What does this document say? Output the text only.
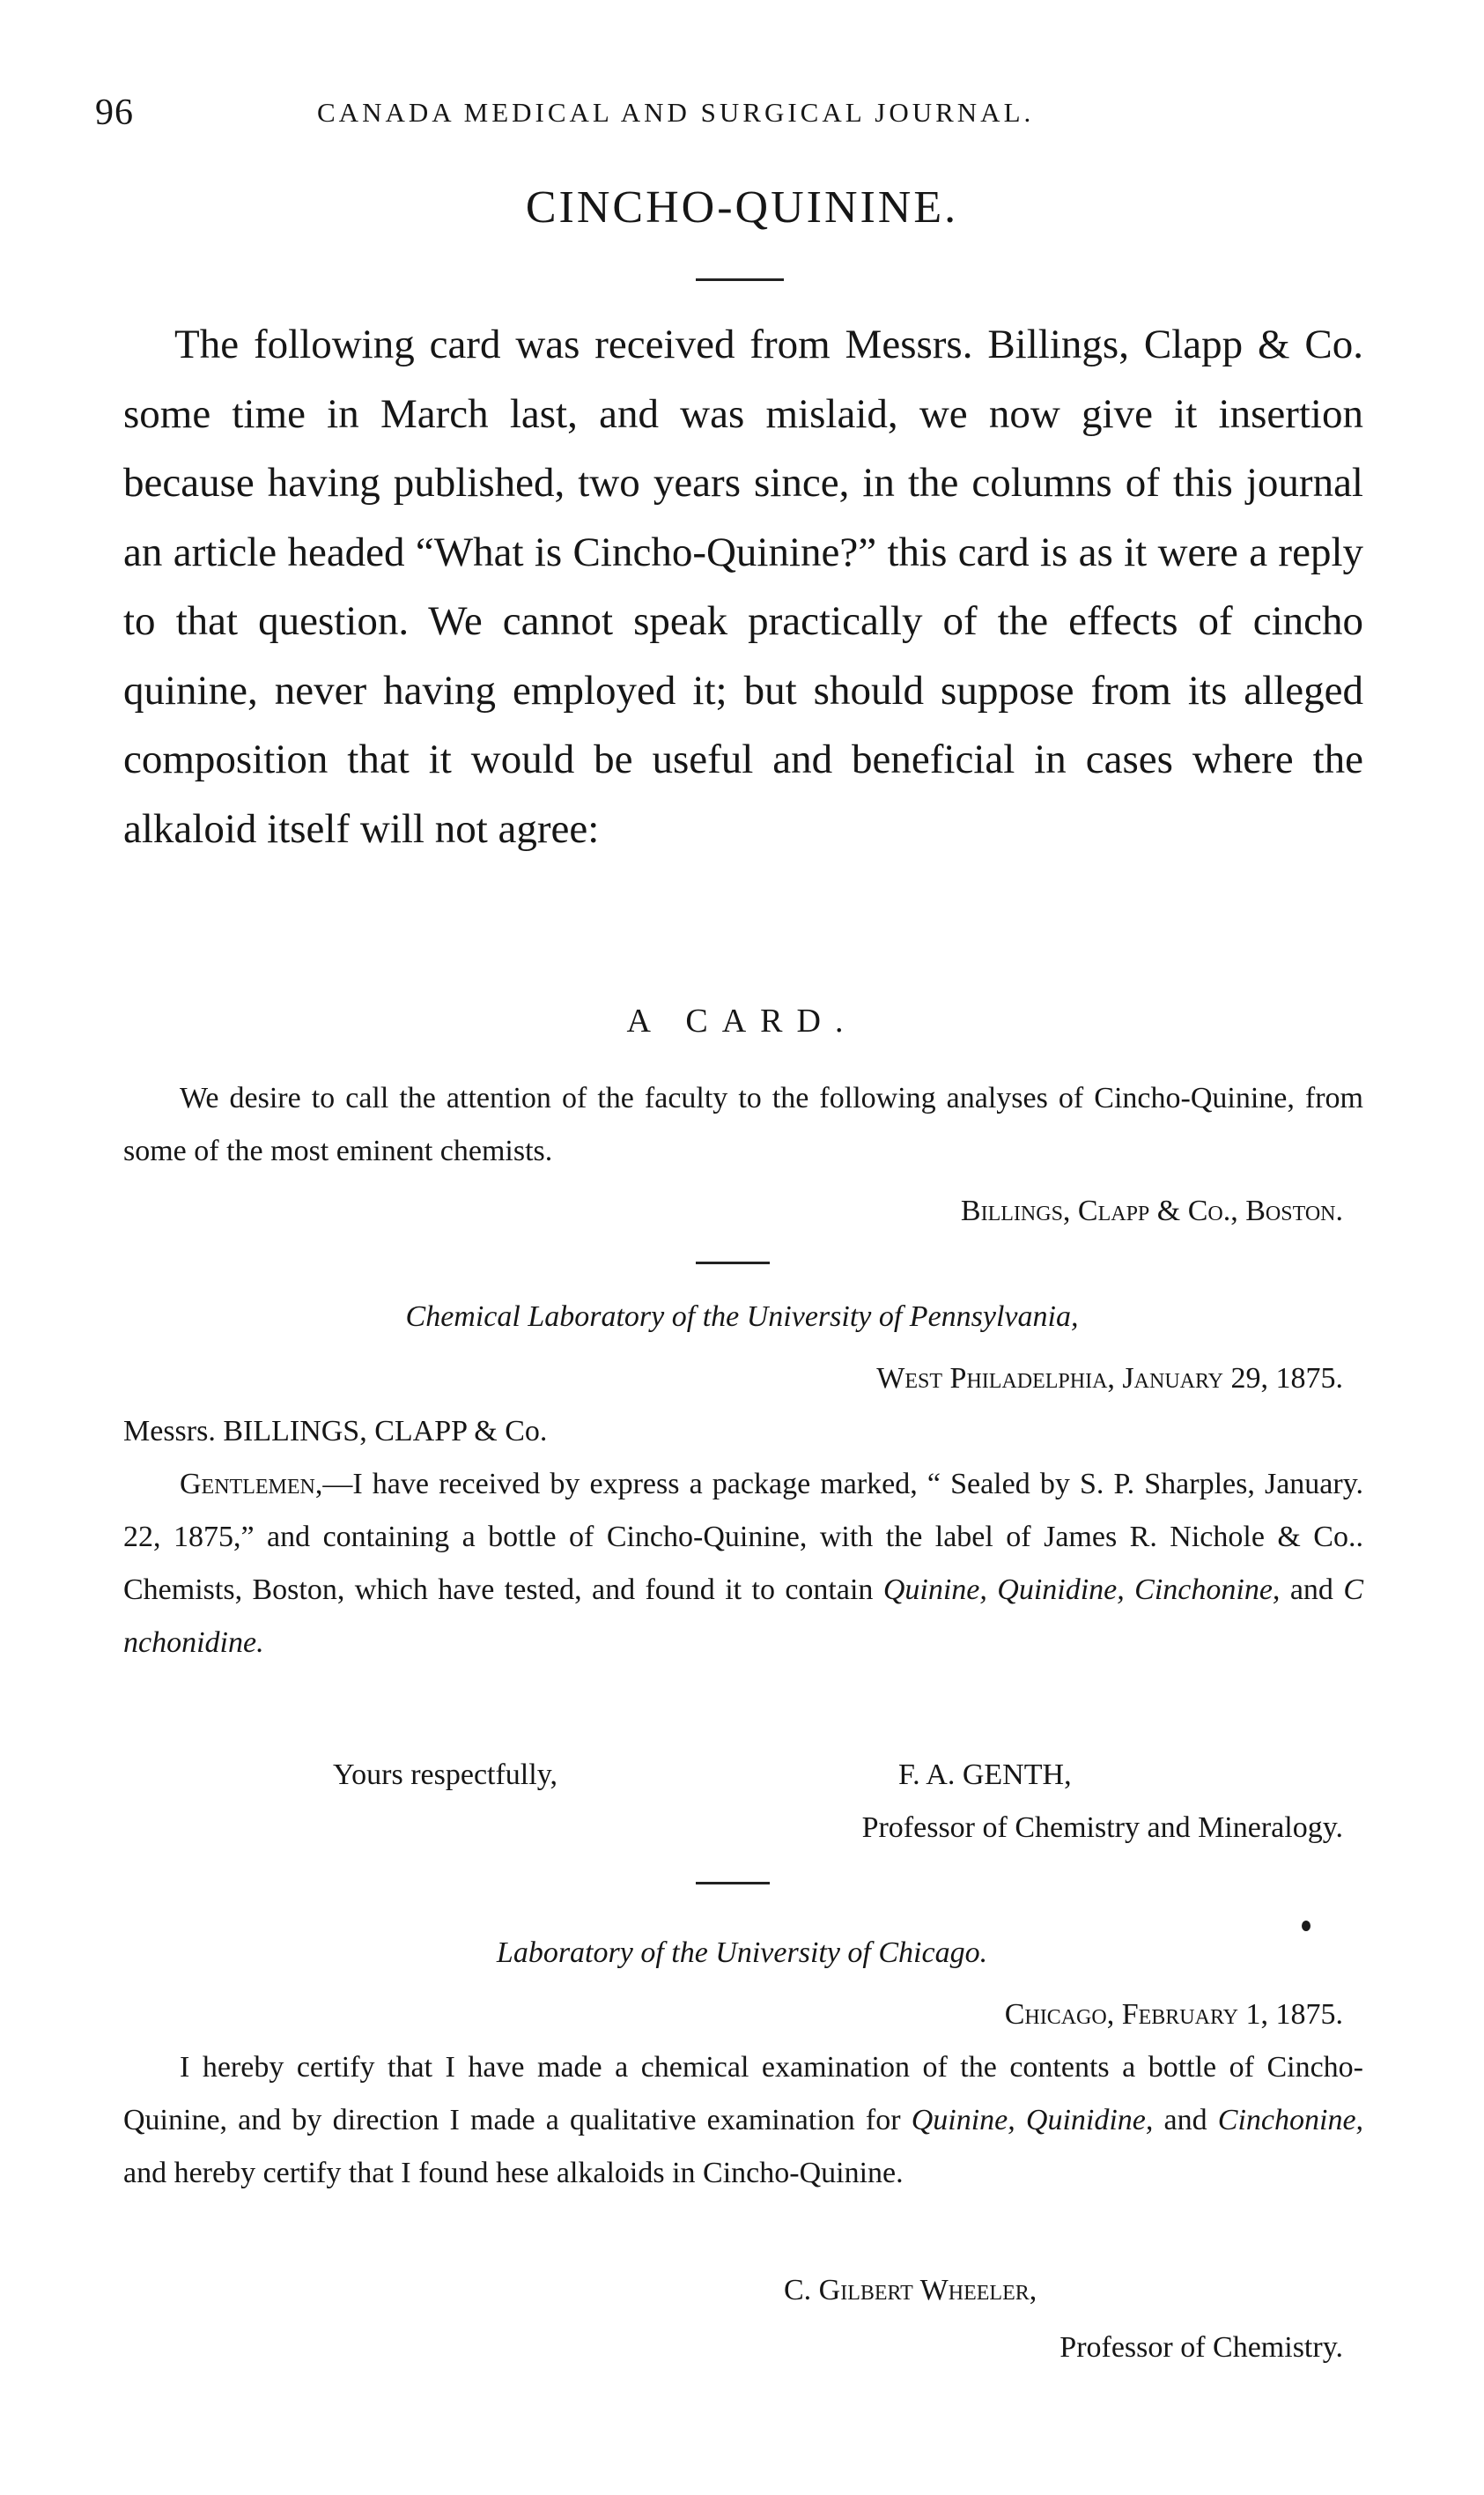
96	CANADA MEDICAL AND SURGICAL JOURNAL.
CINCHO-QUININE.
The following card was received from Messrs. Billings, Clapp & Co. some time in March last, and was mislaid, we now give it insertion because having published, two years since, in the columns of this journal an article headed “What is Cincho-Quinine?” this card is as it were a reply to that question. We cannot speak practically of the effects of cincho quinine, never having employed it; but should suppose from its alleged composition that it would be useful and beneficial in cases where the alkaloid itself will not agree:
A CARD.
We desire to call the attention of the faculty to the following analyses of Cincho-Quinine, from some of the most eminent chemists.
Billings, Clapp & Co., Boston.
Chemical Laboratory of the University of Pennsylvania,
West Philadelphia, January 29, 1875.
Messrs. BILLINGS, CLAPP & Co.
Gentlemen,—I have received by express a package marked, “ Sealed by S. P. Sharples, January. 22, 1875,” and containing a bottle of Cincho-Quinine, with the label of James R. Nichole & Co.. Chemists, Boston, which have tested, and found it to contain Quinine, Quinidine, Cinchonine, and C nchonidine.
Yours respectfully,	F. A. GENTH,
Professor of Chemistry and Mineralogy.
Laboratory of the University of Chicago.
Chicago, February 1, 1875.
I hereby certify that I have made a chemical examination of the contents a bottle of Cincho-Quinine, and by direction I made a qualitative examination for Quinine, Quinidine, and Cinchonine, and hereby certify that I found hese alkaloids in Cincho-Quinine.
C. Gilbert Wheeler,
Professor of Chemistry.
